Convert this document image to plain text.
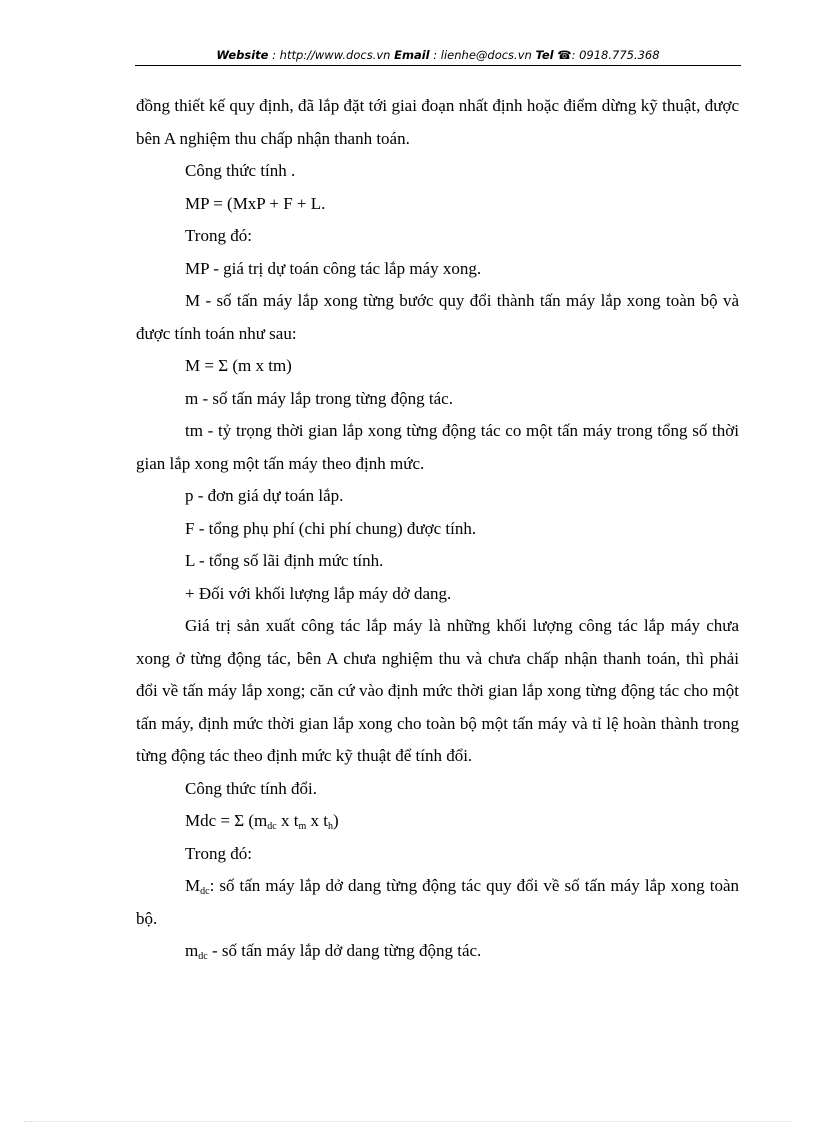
Website : http://www.docs.vn Email : lienhe@docs.vn Tel ☎: 0918.775.368

đồng thiết kế quy định, đã lắp đặt tới giai đoạn nhất định hoặc điểm dừng kỹ thuật, được bên A nghiệm thu chấp nhận thanh toán.

Công thức tính .

MP = (MxP + F + L.

Trong đó:

MP - giá trị dự toán công tác lắp máy xong.

M - số tấn máy lắp xong từng bước quy đổi thành tấn máy lắp xong toàn bộ và được tính toán như sau:

M = Σ (m x tm)

m - số tấn máy lắp trong từng động tác.

tm - tỷ trọng thời gian lắp xong từng động tác co một tấn máy trong tổng số thời gian lắp xong một tấn máy theo định mức.

p - đơn giá dự toán lắp.

F - tổng phụ phí (chi phí chung) được tính.

L - tổng số lãi định mức tính.

+ Đối với khối lượng lắp máy dở dang.

Giá trị sản xuất công tác lắp máy là những khối lượng công tác lắp máy chưa xong ở từng động tác, bên A chưa nghiệm thu và chưa chấp nhận thanh toán, thì phải đổi về tấn máy lắp xong; căn cứ vào định mức thời gian lắp xong từng động tác cho một tấn máy, định mức thời gian lắp xong cho toàn bộ một tấn máy và tỉ lệ hoàn thành trong từng động tác theo định mức kỹ thuật để tính đổi.

Công thức tính đổi.

Mdc = Σ ($m_{dc}$ x $t_m$ x $t_h$)

Trong đó:

$M_{dc}$: số tấn máy lắp dở dang từng động tác quy đổi về số tấn máy lắp xong toàn bộ.

$m_{dc}$ - số tấn máy lắp dở dang từng động tác.
